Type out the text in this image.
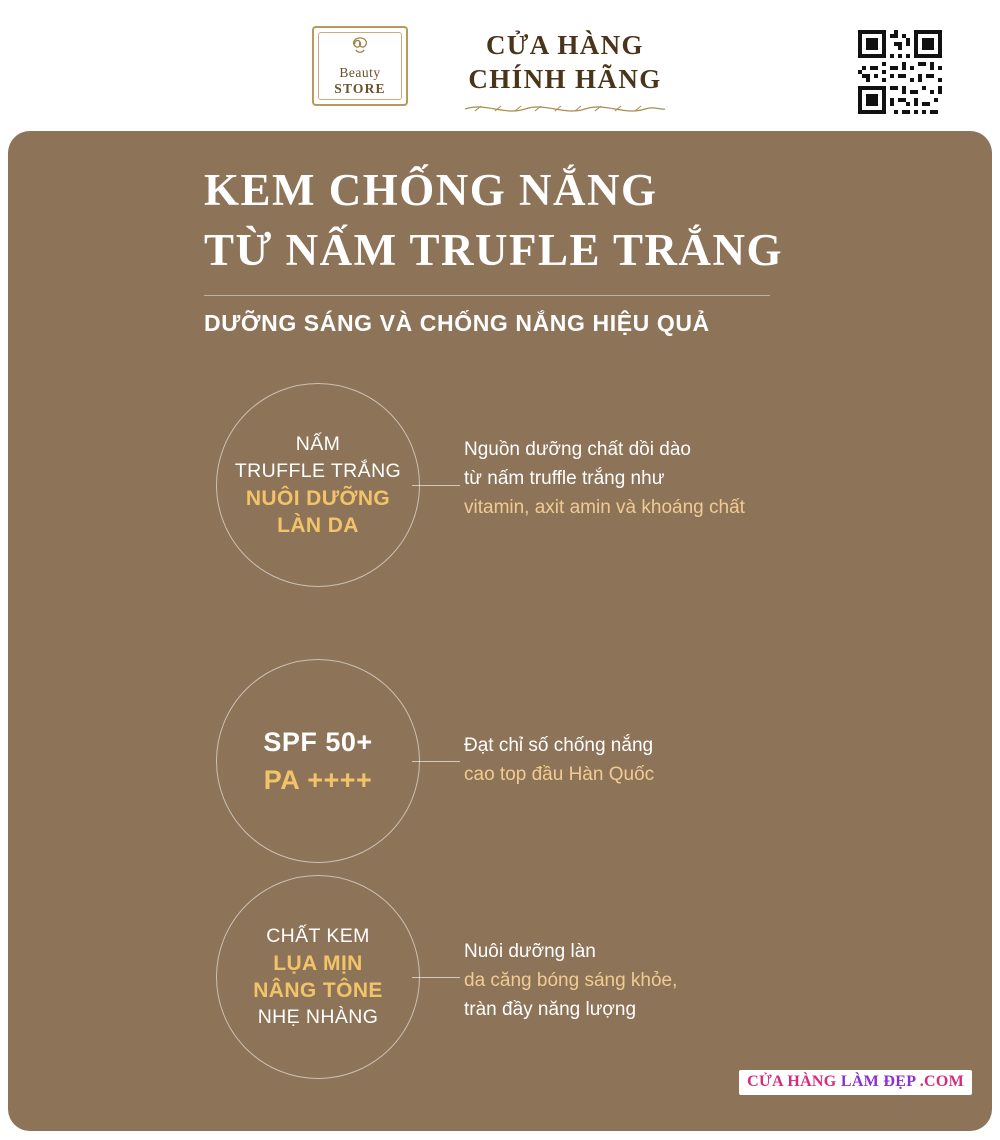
Beauty
STORE
CỬA HÀNG
CHÍNH HÃNG
KEM CHỐNG NẮNG
TỪ NẤM TRUFLE TRẮNG
DƯỠNG SÁNG VÀ CHỐNG NẮNG HIỆU QUẢ
NẤM
TRUFFLE TRẮNG
NUÔI DƯỠNG
LÀN DA
Nguồn dưỡng chất dồi dào
từ nấm truffle trắng như
vitamin, axit amin và khoáng chất
SPF 50+
PA ++++
Đạt chỉ số chống nắng
cao top đầu Hàn Quốc
CHẤT KEM
LỤA MỊN
NÂNG TÔNE
NHẸ NHÀNG
Nuôi dưỡng làn
da căng bóng sáng khỏe,
tràn đầy năng lượng
CỬA HÀNG LÀM ĐẸP .COM
